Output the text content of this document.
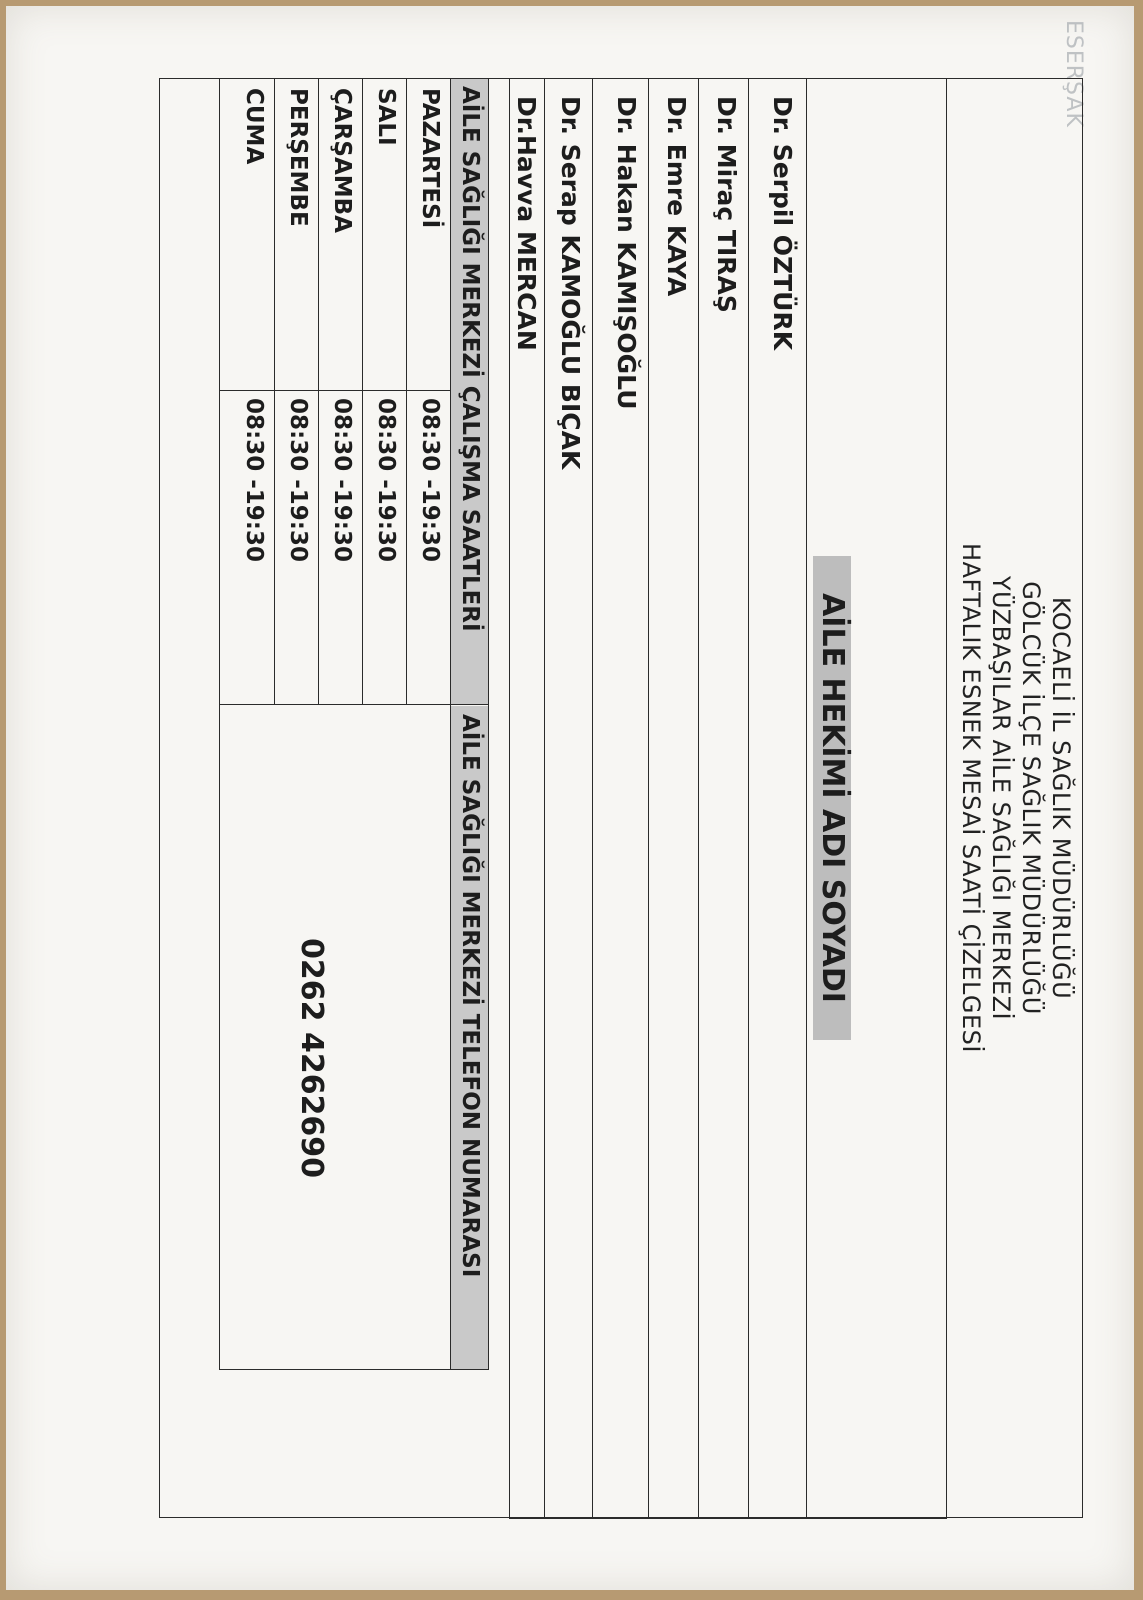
ESERŞAK
KOCAELİ İL SAĞLIK MÜDÜRLÜĞÜ
GÖLCÜK İLÇE SAĞLIK MÜDÜRLÜĞÜ
YÜZBAŞILAR AİLE SAĞLIĞI MERKEZİ
HAFTALIK ESNEK MESAİ SAATİ ÇİZELGESİ
AİLE HEKİMİ ADI SOYADI
Dr. Serpil ÖZTÜRK
Dr. Miraç TIRAŞ
Dr. Emre KAYA
Dr. Hakan KAMIŞOĞLU
Dr. Serap KAMOĞLU BIÇAK
Dr.Havva MERCAN
AİLE SAĞLIĞI MERKEZİ ÇALIŞMA SAATLERİ
AİLE SAĞLIĞI MERKEZİ TELEFON NUMARASI
PAZARTESİ
08:30 -19:30
SALI
08:30 -19:30
ÇARŞAMBA
08:30 -19:30
PERŞEMBE
08:30 -19:30
CUMA
08:30 -19:30
0262 4262690
